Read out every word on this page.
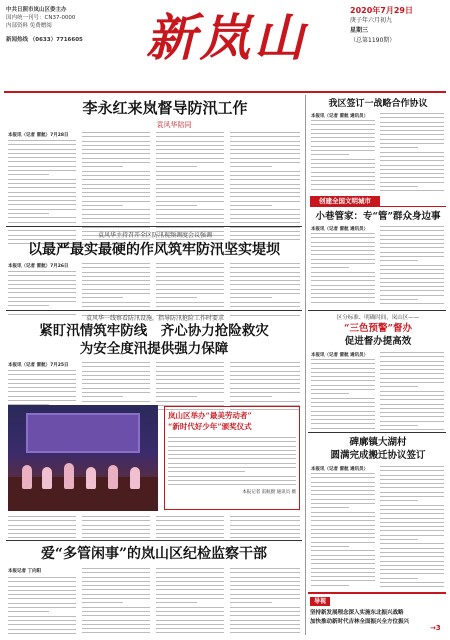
中共日照市岚山区委主办
国内统一刊号：CN37-0000
内部资料 免费赠阅
新闻热线 （0633）7716605	新岚山	2020年7月29日
庚子年六月初九
星期三
（总第1190期）
李永红来岚督导防汛工作
袁风华陪同
本报讯（记者 雷航）7月28日
袁风华主持召开全区防汛视频调度会议强调
以最严最实最硬的作风筑牢防汛坚实堤坝
本报讯（记者 雷航）7月26日
袁风华一线察看防汛设施，指导防汛抢险工作时要求
紧盯汛情筑牢防线　齐心协力抢险救灾
为安全度汛提供强力保障
本报讯（记者 雷航）7月25日
岚山区举办“最美劳动者”
“新时代好少年”颁奖仪式
本报记者 雷航摄 通讯员 摄
爱“多管闲事”的岚山区纪检监察干部
本报记者 丁向阳
我区签订一战略合作协议
本报讯（记者 雷航 通讯员）
创建全国文明城市
小巷管家：专“管”群众身边事
本报讯（记者 雷航 通讯员）
区分标准、明确时间，岚山区——
“三色预警”督办
促进督办提高效
本报讯（记者 雷航 通讯员）
碑廓镇大湖村
圆满完成搬迁协议签订
本报讯（记者 雷航 通讯员）
导视
坚持新发展理念深入实施东北振兴战略
加快推动新时代吉林全面振兴全方位振兴
→3
